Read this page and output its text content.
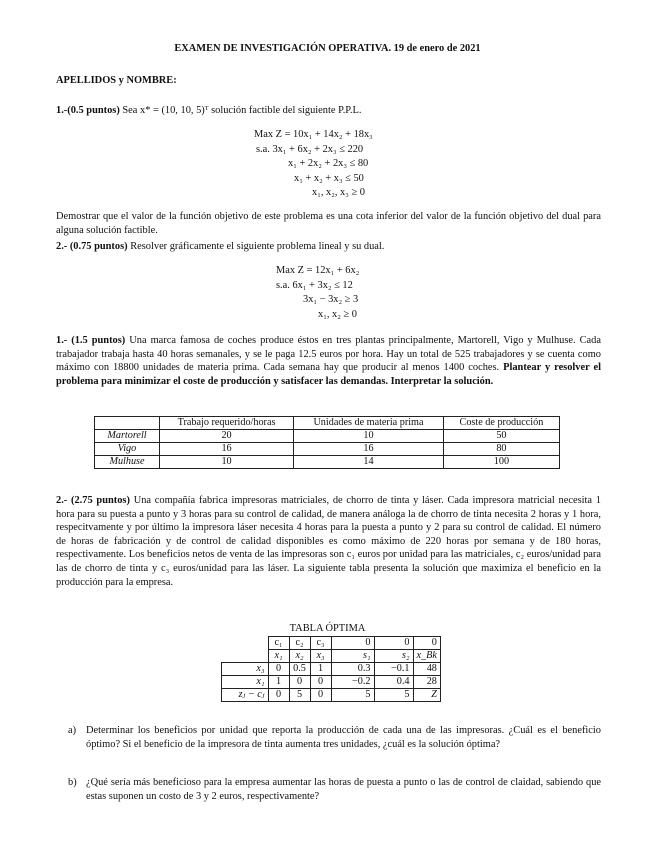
EXAMEN DE INVESTIGACIÓN OPERATIVA. 19 de enero de 2021
APELLIDOS y NOMBRE:
1.-(0.5 puntos) Sea x* = (10, 10, 5)ᵀ solución factible del siguiente P.P.L.
Max Z = 10x₁ + 14x₂ + 18x₃
s.a. 3x₁ + 6x₂ + 2x₃ ≤ 220
x₁ + 2x₂ + 2x₃ ≤ 80
x₁ + x₂ + x₃ ≤ 50
x₁, x₂, x₃ ≥ 0

Demostrar que el valor de la función objetivo de este problema es una cota inferior del valor de la función objetivo del dual para alguna solución factible.

2.- (0.75 puntos) Resolver gráficamente el siguiente problema lineal y su dual.
Max Z = 12x₁ + 6x₂
s.a. 6x₁ + 3x₂ ≤ 12
3x₁ − 3x₂ ≥ 3
x₁, x₂ ≥ 0

1.- (1.5 puntos) Una marca famosa de coches produce éstos en tres plantas principalmente, Martorell, Vigo y Mulhuse. Cada trabajador trabaja hasta 40 horas semanales, y se le paga 12.5 euros por hora. Hay un total de 525 trabajadores y se cuenta como máximo con 18800 unidades de materia prima. Cada semana hay que producir al menos 1400 coches. Plantear y resolver el problema para minimizar el coste de producción y satisfacer las demandas. Interpretar la solución.

	Trabajo requerido/horas	Unidades de materia prima	Coste de producción
Martorell	20	10	50
Vigo	16	16	80
Mulhuse	10	14	100

2.- (2.75 puntos) Una compañía fabrica impresoras matriciales, de chorro de tinta y láser. Cada impresora matricial necesita 1 hora para su puesta a punto y 3 horas para su control de calidad, de manera análoga la de chorro de tinta necesita 2 horas y 1 hora, respecitvamente y por último la impresora láser necesita 4 horas para la puesta a punto y 2 para su control de calidad. El número de horas de fabricación y de control de calidad disponibles es como máximo de 220 horas por semana y de 180 horas, respectivamente. Los beneficios netos de venta de las impresoras son c₁ euros por unidad para las matriciales, c₂ euros/unidad para las de chorro de tinta y c₃ euros/unidad para las láser. La siguiente tabla presenta la solución que maximiza el beneficio en la producción para la empresa.

TABLA ÓPTIMA
	c₁	c₂	c₃	0	0	0
	x₁	x₂	x₃	s₁	s₂	x_Bk
x₃	0	0.5	1	0.3	−0.1	48
x₁	1	0	0	−0.2	0.4	28
zⱼ − cⱼ	0	5	0	5	5	Z
a) Determinar los beneficios por unidad que reporta la producción de cada una de las impresoras. ¿Cuál es el beneficio óptimo? Si el beneficio de la impresora de tinta aumenta tres unidades, ¿cuál es la solución óptima?

b) ¿Qué sería más beneficioso para la empresa aumentar las horas de puesta a punto o las de control de claidad, sabiendo que estas suponen un costo de 3 y 2 euros, respectivamente?
